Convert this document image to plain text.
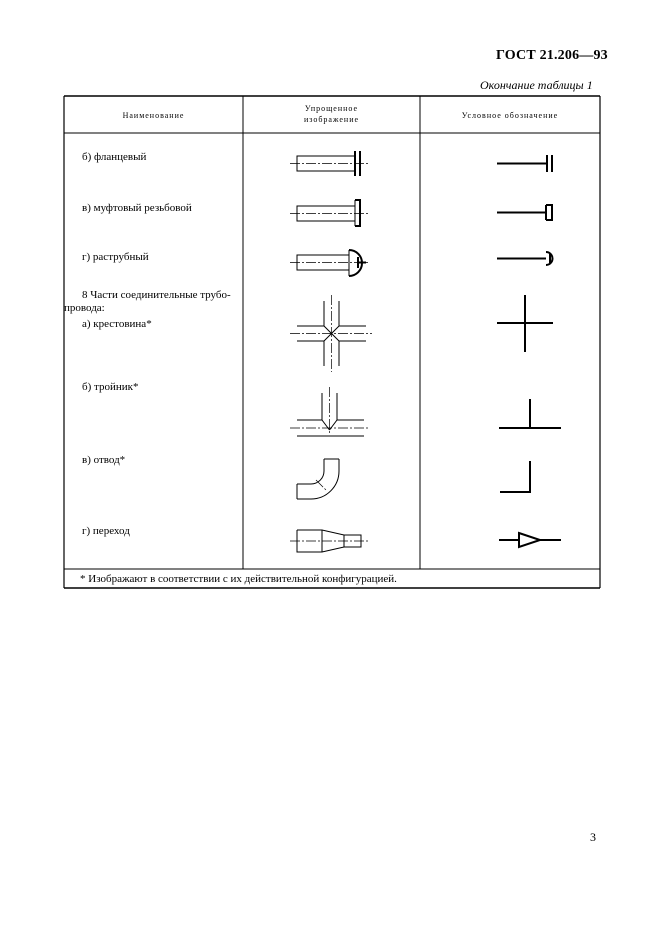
ГОСТ 21.206—93
Окончание таблицы 1
Наименование
Упрощенное
изображение	Условное обозначение
б) фланцевый
в) муфтовый резьбовой
г) раструбный
8 Части соединительные трубо-
провода:
а) крестовина*
б) тройник*
в) отвод*
г) переход
* Изображают в соответствии с их действительной конфигурацией.
3
